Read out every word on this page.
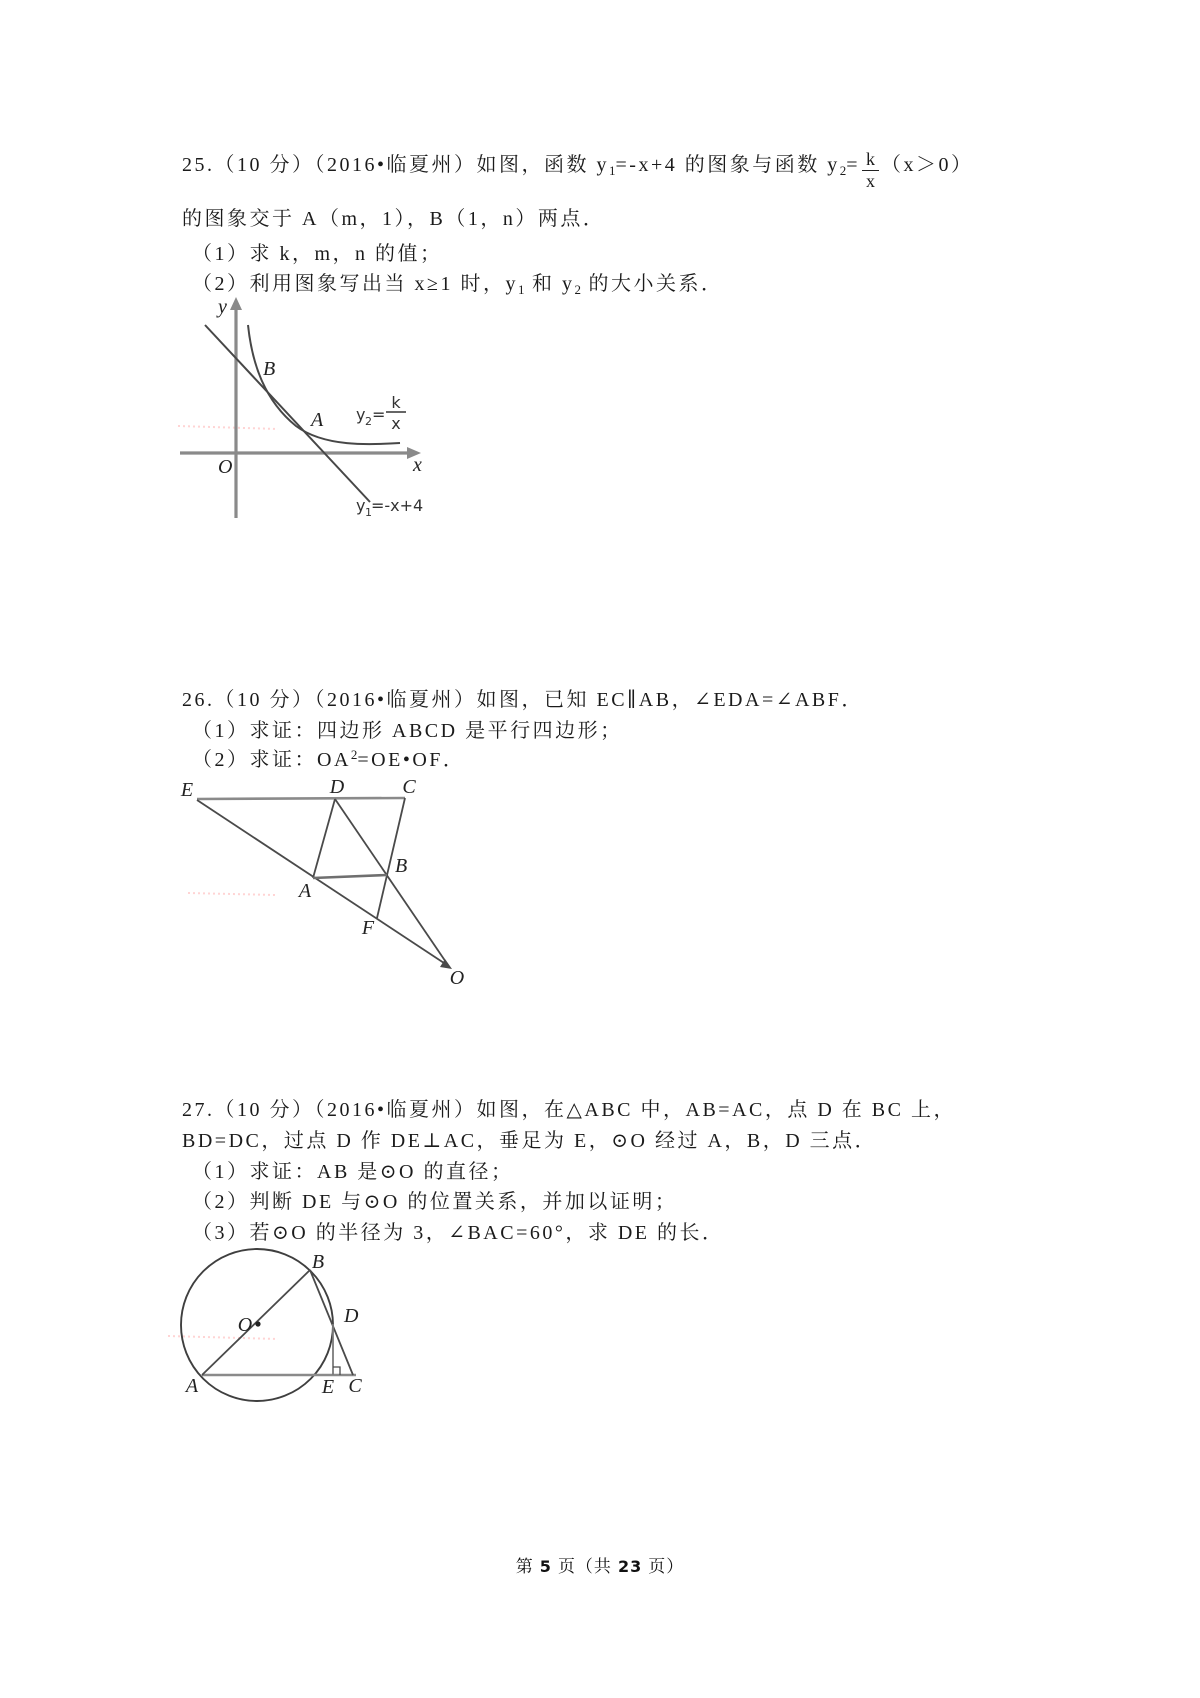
25.（10 分）（2016•临夏州）如图，函数 $y_1=-x+4$ 的图象与函数 $y_2= \frac{k}{x} (x>0)$
的图象交于 A（m，1），B（1，n）两点．
（1）求 k，m，n 的值；
（2）利用图象写出当 x≥1 时，$y_1$ 和 $y_2$ 的大小关系．
y
x
O
B
A y 2 =
k
x
y 1 =-x+4
26.（10 分）（2016•临夏州）如图，已知 EC∥AB，∠EDA=∠ABF．
（1）求证：四边形 ABCD 是平行四边形；
（2）求证：$OA^2=OE•OF$．
E	D	C
A
B
F
O
27.（10 分）（2016•临夏州）如图，在△ABC 中，AB=AC，点 D 在 BC 上，
BD=DC，过点 D 作 DE⊥AC，垂足为 E，⊙O 经过 A，B，D 三点．
（1）求证：AB 是⊙O 的直径；
（2）判断 DE 与⊙O 的位置关系，并加以证明；
（3）若⊙O 的半径为 3，∠BAC=60°，求 DE 的长．
O
B
D
A	E C
第 5 页（共 23 页）
